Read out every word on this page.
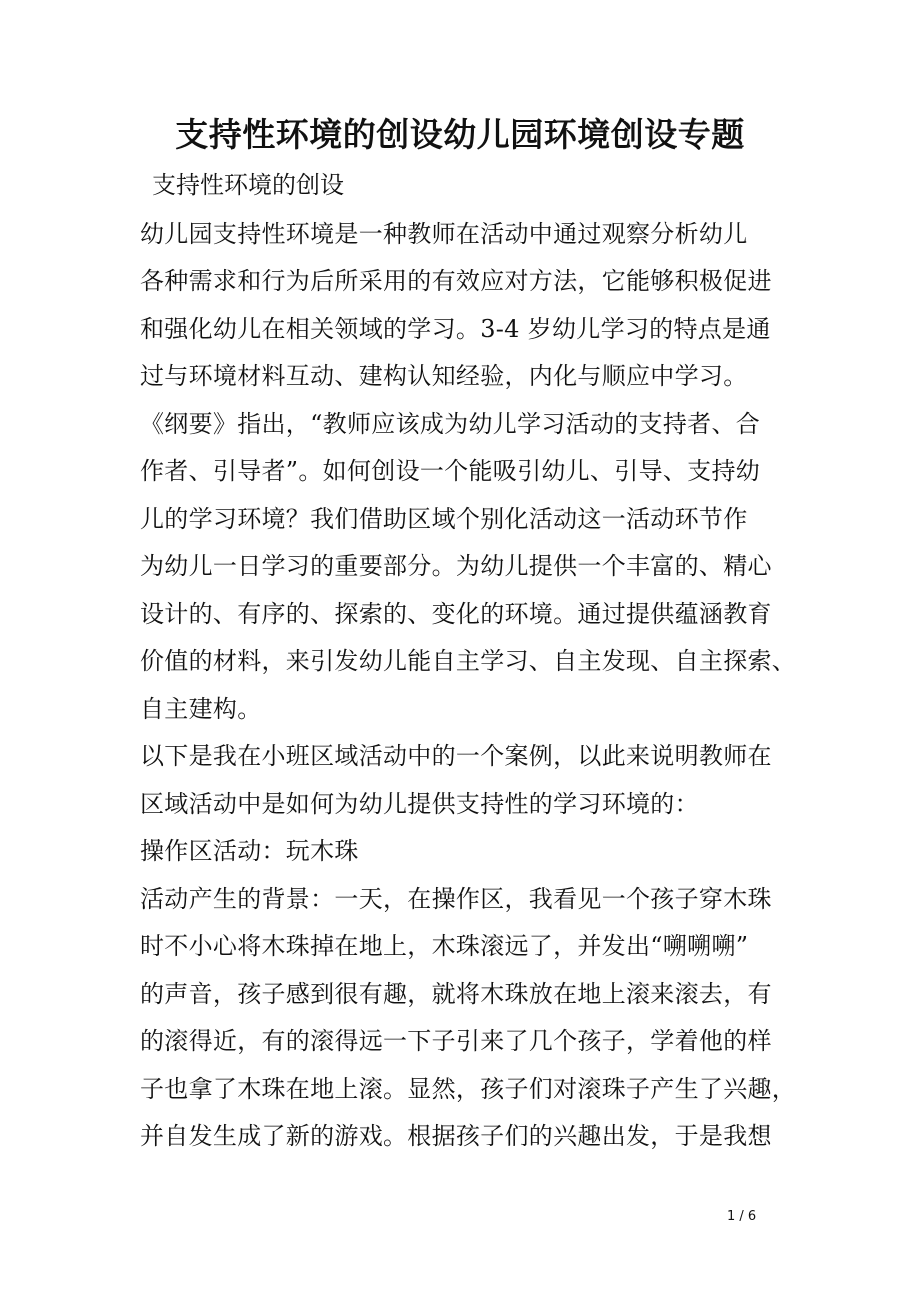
支持性环境的创设幼儿园环境创设专题
支持性环境的创设
幼儿园支持性环境是一种教师在活动中通过观察分析幼儿
各种需求和行为后所采用的有效应对方法，它能够积极促进
和强化幼儿在相关领域的学习。3-4 岁幼儿学习的特点是通
过与环境材料互动、建构认知经验，内化与顺应中学习。
《纲要》指出，“教师应该成为幼儿学习活动的支持者、合
作者、引导者”。如何创设一个能吸引幼儿、引导、支持幼
儿的学习环境？我们借助区域个别化活动这一活动环节作
为幼儿一日学习的重要部分。为幼儿提供一个丰富的、精心
设计的、有序的、探索的、变化的环境。通过提供蕴涵教育
价值的材料，来引发幼儿能自主学习、自主发现、自主探索、
自主建构。
以下是我在小班区域活动中的一个案例，以此来说明教师在
区域活动中是如何为幼儿提供支持性的学习环境的：
操作区活动：玩木珠
活动产生的背景：一天，在操作区，我看见一个孩子穿木珠
时不小心将木珠掉在地上，木珠滚远了，并发出“嗍嗍嗍”
的声音，孩子感到很有趣，就将木珠放在地上滚来滚去，有
的滚得近，有的滚得远一下子引来了几个孩子，学着他的样
子也拿了木珠在地上滚。显然，孩子们对滚珠子产生了兴趣，
并自发生成了新的游戏。根据孩子们的兴趣出发，于是我想
1 / 6
